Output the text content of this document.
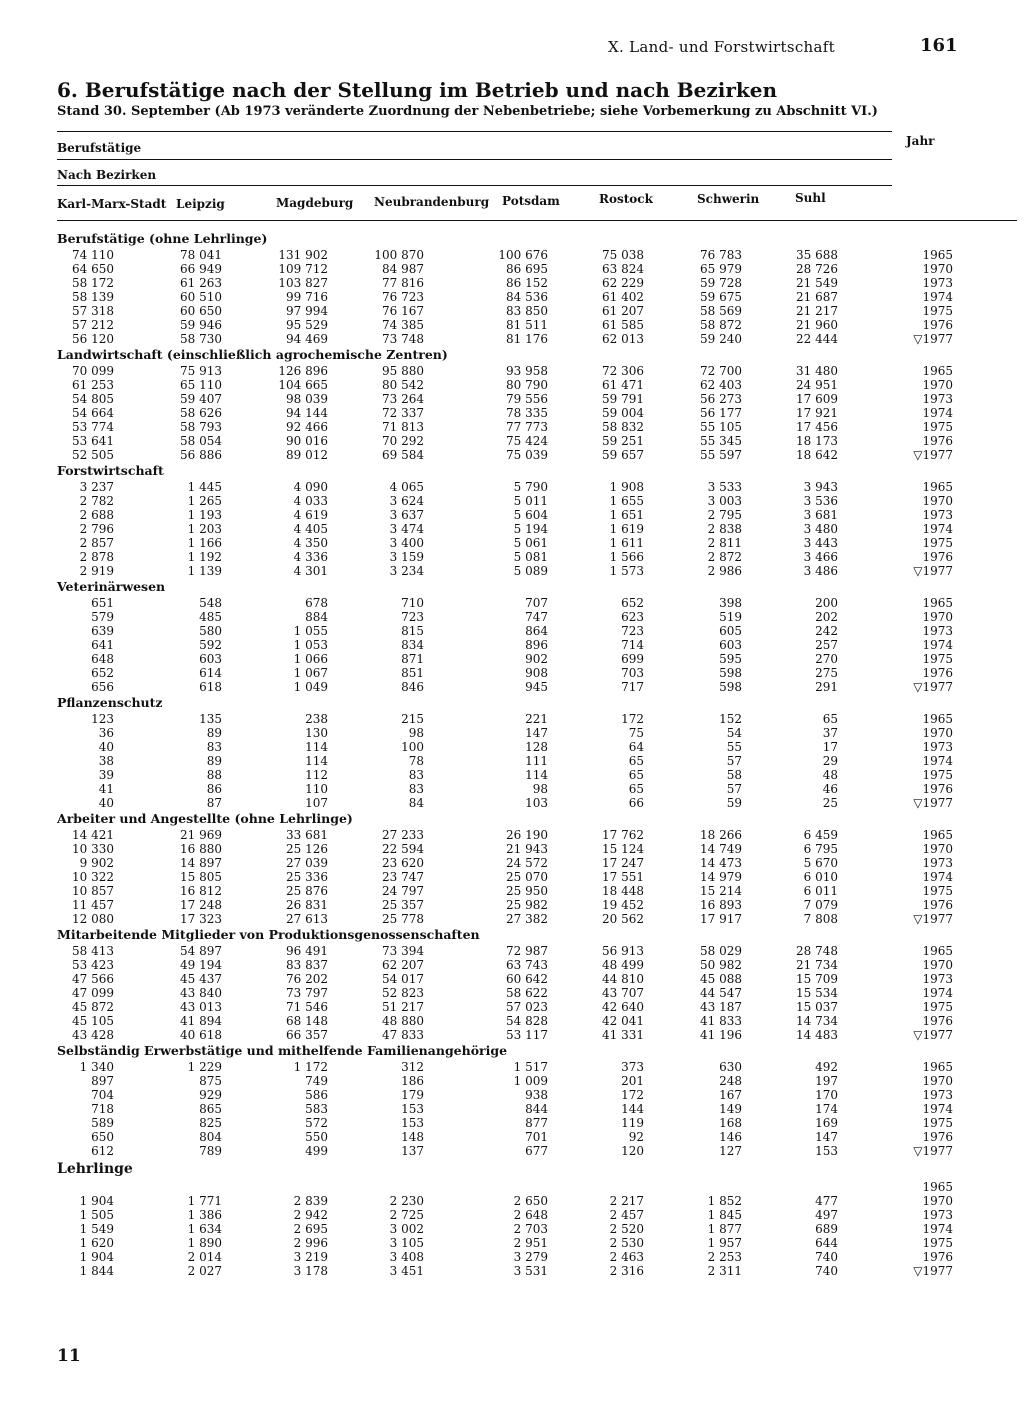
X. Land- und Forstwirtschaft	161
6. Berufstätige nach der Stellung im Betrieb und nach Bezirken
Stand 30. September (Ab 1973 veränderte Zuordnung der Nebenbetriebe; siehe Vorbemerkung zu Abschnitt VI.)
Berufstätige	Jahr
Nach Bezirken
Karl-Marx-Stadt Leipzig	Magdeburg Neubrandenburg Potsdam	Rostock	Schwerin	Suhl
Berufstätige (ohne Lehrlinge)
74 110	78 041	131 902	100 870	100 676	75 038	76 783	35 688	1965
64 650	66 949	109 712	84 987	86 695	63 824	65 979	28 726	1970
58 172	61 263	103 827	77 816	86 152	62 229	59 728	21 549	1973
58 139	60 510	99 716	76 723	84 536	61 402	59 675	21 687	1974
57 318	60 650	97 994	76 167	83 850	61 207	58 569	21 217	1975
57 212	59 946	95 529	74 385	81 511	61 585	58 872	21 960	1976
56 120	58 730	94 469	73 748	81 176	62 013	59 240	22 444	▽1977
Landwirtschaft (einschließlich agrochemische Zentren)
70 099	75 913	126 896	95 880	93 958	72 306	72 700	31 480	1965
61 253	65 110	104 665	80 542	80 790	61 471	62 403	24 951	1970
54 805	59 407	98 039	73 264	79 556	59 791	56 273	17 609	1973
54 664	58 626	94 144	72 337	78 335	59 004	56 177	17 921	1974
53 774	58 793	92 466	71 813	77 773	58 832	55 105	17 456	1975
53 641	58 054	90 016	70 292	75 424	59 251	55 345	18 173	1976
52 505	56 886	89 012	69 584	75 039	59 657	55 597	18 642	▽1977
Forstwirtschaft
3 237	1 445	4 090	4 065	5 790	1 908	3 533	3 943	1965
2 782	1 265	4 033	3 624	5 011	1 655	3 003	3 536	1970
2 688	1 193	4 619	3 637	5 604	1 651	2 795	3 681	1973
2 796	1 203	4 405	3 474	5 194	1 619	2 838	3 480	1974
2 857	1 166	4 350	3 400	5 061	1 611	2 811	3 443	1975
2 878	1 192	4 336	3 159	5 081	1 566	2 872	3 466	1976
2 919	1 139	4 301	3 234	5 089	1 573	2 986	3 486	▽1977
Veterinärwesen
651	548	678	710	707	652	398	200	1965
579	485	884	723	747	623	519	202	1970
639	580	1 055	815	864	723	605	242	1973
641	592	1 053	834	896	714	603	257	1974
648	603	1 066	871	902	699	595	270	1975
652	614	1 067	851	908	703	598	275	1976
656	618	1 049	846	945	717	598	291	▽1977
Pflanzenschutz
123	135	238	215	221	172	152	65	1965
36	89	130	98	147	75	54	37	1970
40	83	114	100	128	64	55	17	1973
38	89	114	78	111	65	57	29	1974
39	88	112	83	114	65	58	48	1975
41	86	110	83	98	65	57	46	1976
40	87	107	84	103	66	59	25	▽1977
Arbeiter und Angestellte (ohne Lehrlinge)
14 421	21 969	33 681	27 233	26 190	17 762	18 266	6 459	1965
10 330	16 880	25 126	22 594	21 943	15 124	14 749	6 795	1970
9 902	14 897	27 039	23 620	24 572	17 247	14 473	5 670	1973
10 322	15 805	25 336	23 747	25 070	17 551	14 979	6 010	1974
10 857	16 812	25 876	24 797	25 950	18 448	15 214	6 011	1975
11 457	17 248	26 831	25 357	25 982	19 452	16 893	7 079	1976
12 080	17 323	27 613	25 778	27 382	20 562	17 917	7 808	▽1977
Mitarbeitende Mitglieder von Produktionsgenossenschaften
58 413	54 897	96 491	73 394	72 987	56 913	58 029	28 748	1965
53 423	49 194	83 837	62 207	63 743	48 499	50 982	21 734	1970
47 566	45 437	76 202	54 017	60 642	44 810	45 088	15 709	1973
47 099	43 840	73 797	52 823	58 622	43 707	44 547	15 534	1974
45 872	43 013	71 546	51 217	57 023	42 640	43 187	15 037	1975
45 105	41 894	68 148	48 880	54 828	42 041	41 833	14 734	1976
43 428	40 618	66 357	47 833	53 117	41 331	41 196	14 483	▽1977
Selbständig Erwerbstätige und mithelfende Familienangehörige
1 340	1 229	1 172	312	1 517	373	630	492	1965
897	875	749	186	1 009	201	248	197	1970
704	929	586	179	938	172	167	170	1973
718	865	583	153	844	144	149	174	1974
589	825	572	153	877	119	168	169	1975
650	804	550	148	701	92	146	147	1976
612	789	499	137	677	120	127	153	▽1977
Lehrlinge
1965
1 904	1 771	2 839	2 230	2 650	2 217	1 852	477	1970
1 505	1 386	2 942	2 725	2 648	2 457	1 845	497	1973
1 549	1 634	2 695	3 002	2 703	2 520	1 877	689	1974
1 620	1 890	2 996	3 105	2 951	2 530	1 957	644	1975
1 904	2 014	3 219	3 408	3 279	2 463	2 253	740	1976
1 844	2 027	3 178	3 451	3 531	2 316	2 311	740	▽1977
11
